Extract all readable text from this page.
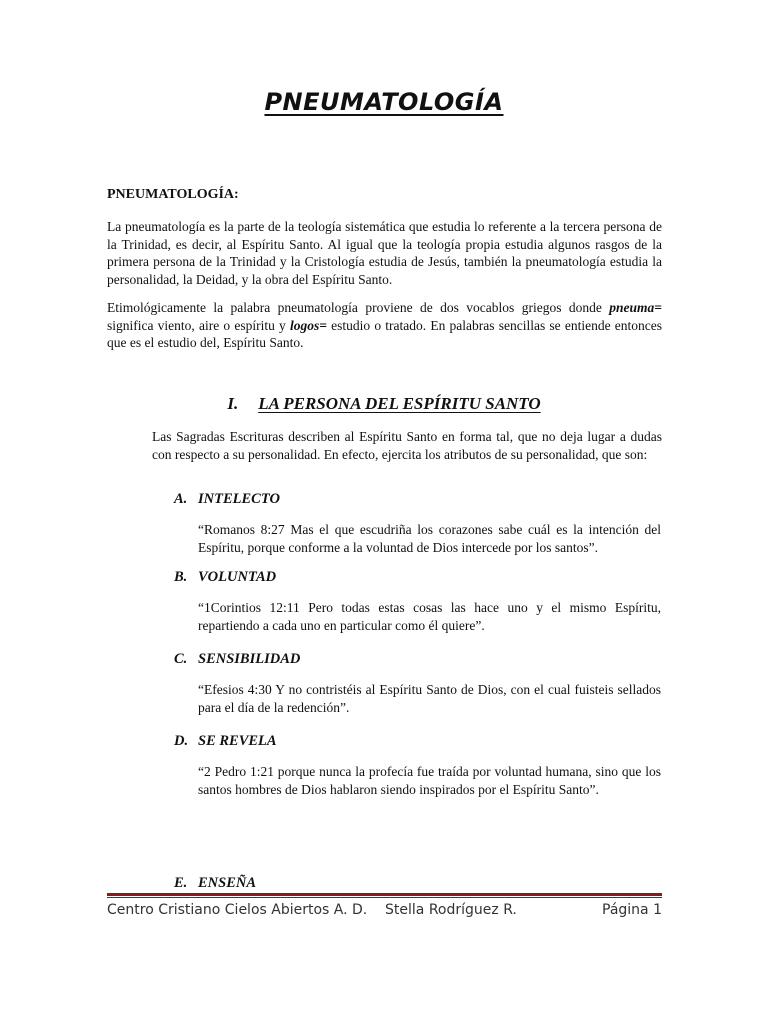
PNEUMATOLOGÍA

PNEUMATOLOGÍA:

La pneumatología es la parte de la teología sistemática que estudia lo referente a la tercera persona de la Trinidad, es decir, al Espíritu Santo. Al igual que la teología propia estudia algunos rasgos de la primera persona de la Trinidad y la Cristología estudia de Jesús, también la pneumatología estudia la personalidad, la Deidad, y la obra del Espíritu Santo.

Etimológicamente la palabra pneumatología proviene de dos vocablos griegos donde pneuma= significa viento, aire o espíritu y logos= estudio o tratado. En palabras sencillas se entiende entonces que es el estudio del, Espíritu Santo.

I. LA PERSONA DEL ESPÍRITU SANTO

Las Sagradas Escrituras describen al Espíritu Santo en forma tal, que no deja lugar a dudas con respecto a su personalidad. En efecto, ejercita los atributos de su personalidad, que son:

A. INTELECTO

“Romanos 8:27 Mas el que escudriña los corazones sabe cuál es la intención del Espíritu, porque conforme a la voluntad de Dios intercede por los santos”.

B. VOLUNTAD

“1Corintios 12:11 Pero todas estas cosas las hace uno y el mismo Espíritu, repartiendo a cada uno en particular como él quiere”.

C. SENSIBILIDAD

“Efesios 4:30 Y no contristéis al Espíritu Santo de Dios, con el cual fuisteis sellados para el día de la redención”.

D. SE REVELA

“2 Pedro 1:21 porque nunca la profecía fue traída por voluntad humana, sino que los santos hombres de Dios hablaron siendo inspirados por el Espíritu Santo”.

E. ENSEÑA

Centro Cristiano Cielos Abiertos A. D.    Stella Rodríguez R.	Página 1
